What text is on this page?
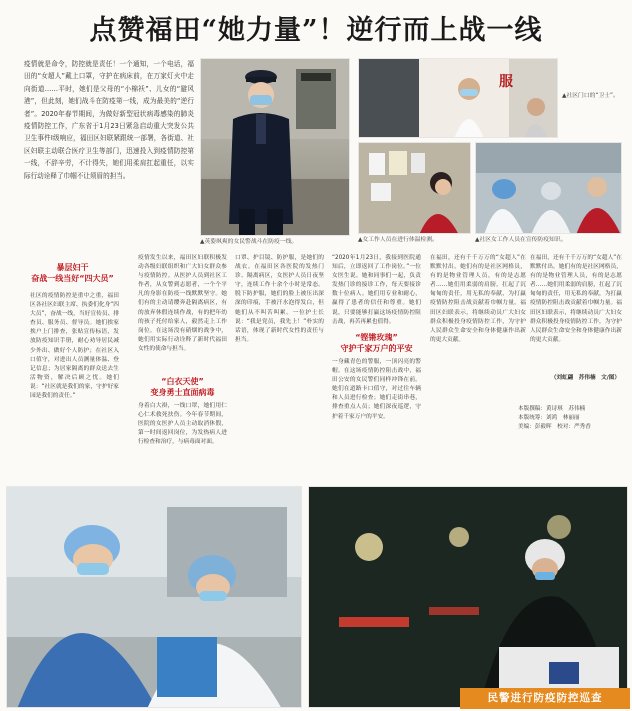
点赞福田“她力量”！逆行而上战一线
疫情就是命令，防控就是责任！一个通知，一个电话，福田的“女超人”戴上口罩，守护在病床前，在万家灯火中走向街道……平时，她们是父母的“小棉袄”、儿女的“避风港”，但此刻，她们战斗在防疫第一线，成为最美的“逆行者”。2020年春节期间，为做好新型冠状病毒感染的肺炎疫情防控工作，广东省于1月23日紧急启动重大突发公共卫生事件I级响应，福田区妇联紧跟统一部署，各街道、社区妇联主动联合医疗卫生等部门，迅速投入到疫情防控第一线，不辞辛劳，不计得失，她们用柔肩扛起重任，以实际行动诠释了巾帼不让须眉的担当。
▲英姿飒爽的女民警战斗在防疫一线。
服
▲社区门口的“卫士”。
▲女工作人员在进行体温检测。	▲社区女工作人员在宣传防疫知识。
暴层妇干
奋战一线当好“四大员”
社区的疫情防控是重中之重，福田区各社区妇联主席、执委们化身“四大员”，奋战一线，当好宣传员、排查员、服务员、督导员。她们挨家挨户上门排查，张贴宣传标语，发放防疫知识手册，耐心劝导居民减少外出、做好个人防护；在社区入口值守，对进出人员测量体温、登记信息；为居家隔离的群众送去生活物资，解决后顾之忧。她们说：“社区就是我们的家，守护好家园是我们的责任。”
疫情发生以来，福田区妇联积极发动各级妇联组织和广大妇女群众参与疫情防控。从医护人员到社区工作者，从女警到志愿者，一个个平凡的身影在防疫一线默默坚守。她们有的主动请缨奔赴隔离病区，有的放弃休假连续作战，有的把年幼的孩子托付给家人，毅然走上工作岗位。在这场没有硝烟的战争中，她们用实际行动诠释了新时代福田女性的使命与担当。
“白衣天使”
变身勇士直面病毒
身着白大褂，一线口罩，她们用仁心仁术救死扶伤。今年春节期间，医院的女医护人员主动取消休假，第一时间返回岗位，为发热病人进行检查和治疗，与病毒面对面。
口罩、护目镜、防护服，是她们的战衣。在福田区各医院的发热门诊、隔离病区，女医护人员日夜坚守，连续工作十余个小时是常态。脱下防护服，她们的脸上被压出深深的印痕，手被汗水泡得发白，但她们从不叫苦叫累。一位护士长说：“我是党员，我先上！”朴实的话语，体现了新时代女性的责任与担当。
“2020年1月23日，我接到医院通知后，立即返回了工作岗位。”一位女医生说。她和同事们一起，负责发热门诊的接诊工作，每天要接诊数十位病人。她们用专业和耐心，赢得了患者的信任和尊重。她们说，只要能够打赢这场疫情防控阻击战，再苦再累也值得。
“铿锵玫瑰”
守护千家万户的平安
一身藏青色的警服，一顶闪亮的警帽。在这场疫情防控阻击战中，福田公安的女民警们同样冲锋在前。她们在道路卡口值守，对过往车辆和人员进行检查；她们走街串巷，排查重点人员；她们深夜巡逻，守护着千家万户的平安。
在福田，还有千千万万的“女超人”在默默付出。她们有的是社区网格员，有的是物业管理人员，有的是志愿者……她们用柔弱的肩膀，扛起了沉甸甸的责任，用无私的奉献，为打赢疫情防控阻击战贡献着巾帼力量。福田区妇联表示，将继续动员广大妇女群众积极投身疫情防控工作，为守护人民群众生命安全和身体健康作出新的更大贡献。
（刘虹翩　苏伟楠　文/图）
在福田，还有千千万万的“女超人”在默默付出。她们有的是社区网格员，有的是物业管理人员，有的是志愿者……她们用柔弱的肩膀，扛起了沉甸甸的责任，用无私的奉献，为打赢疫情防控阻击战贡献着巾帼力量。福田区妇联表示，将继续动员广大妇女群众积极投身疫情防控工作，为守护人民群众生命安全和身体健康作出新的更大贡献。
本版撰稿：黄诗琪　苏伟楠
本版统筹：刘鸿　林丽丽
美编：彭毅晖　校对：严秀香
民警进行防疫防控巡查
